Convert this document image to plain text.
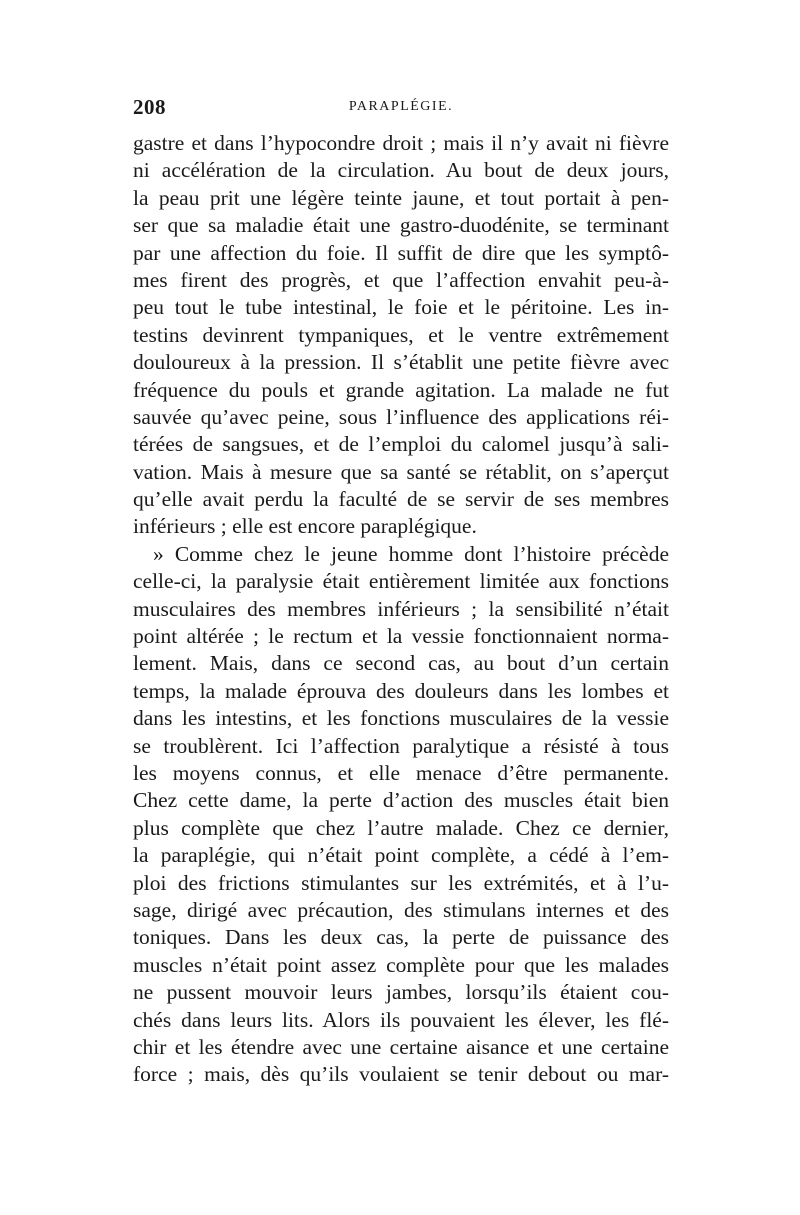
208	PARAPLÉGIE.
gastre et dans l’hypocondre droit ; mais il n’y avait ni fièvre
ni accélération de la circulation. Au bout de deux jours,
la peau prit une légère teinte jaune, et tout portait à pen-
ser que sa maladie était une gastro-duodénite, se terminant
par une affection du foie. Il suffit de dire que les symptô-
mes firent des progrès, et que l’affection envahit peu-à-
peu tout le tube intestinal, le foie et le péritoine. Les in-
testins devinrent tympaniques, et le ventre extrêmement
douloureux à la pression. Il s’établit une petite fièvre avec
fréquence du pouls et grande agitation. La malade ne fut
sauvée qu’avec peine, sous l’influence des applications réi-
térées de sangsues, et de l’emploi du calomel jusqu’à sali-
vation. Mais à mesure que sa santé se rétablit, on s’aperçut
qu’elle avait perdu la faculté de se servir de ses membres
inférieurs ; elle est encore paraplégique.
» Comme chez le jeune homme dont l’histoire précède
celle-ci, la paralysie était entièrement limitée aux fonctions
musculaires des membres inférieurs ; la sensibilité n’était
point altérée ; le rectum et la vessie fonctionnaient norma-
lement. Mais, dans ce second cas, au bout d’un certain
temps, la malade éprouva des douleurs dans les lombes et
dans les intestins, et les fonctions musculaires de la vessie
se troublèrent. Ici l’affection paralytique a résisté à tous
les moyens connus, et elle menace d’être permanente.
Chez cette dame, la perte d’action des muscles était bien
plus complète que chez l’autre malade. Chez ce dernier,
la paraplégie, qui n’était point complète, a cédé à l’em-
ploi des frictions stimulantes sur les extrémités, et à l’u-
sage, dirigé avec précaution, des stimulans internes et des
toniques. Dans les deux cas, la perte de puissance des
muscles n’était point assez complète pour que les malades
ne pussent mouvoir leurs jambes, lorsqu’ils étaient cou-
chés dans leurs lits. Alors ils pouvaient les élever, les flé-
chir et les étendre avec une certaine aisance et une certaine
force ; mais, dès qu’ils voulaient se tenir debout ou mar-
